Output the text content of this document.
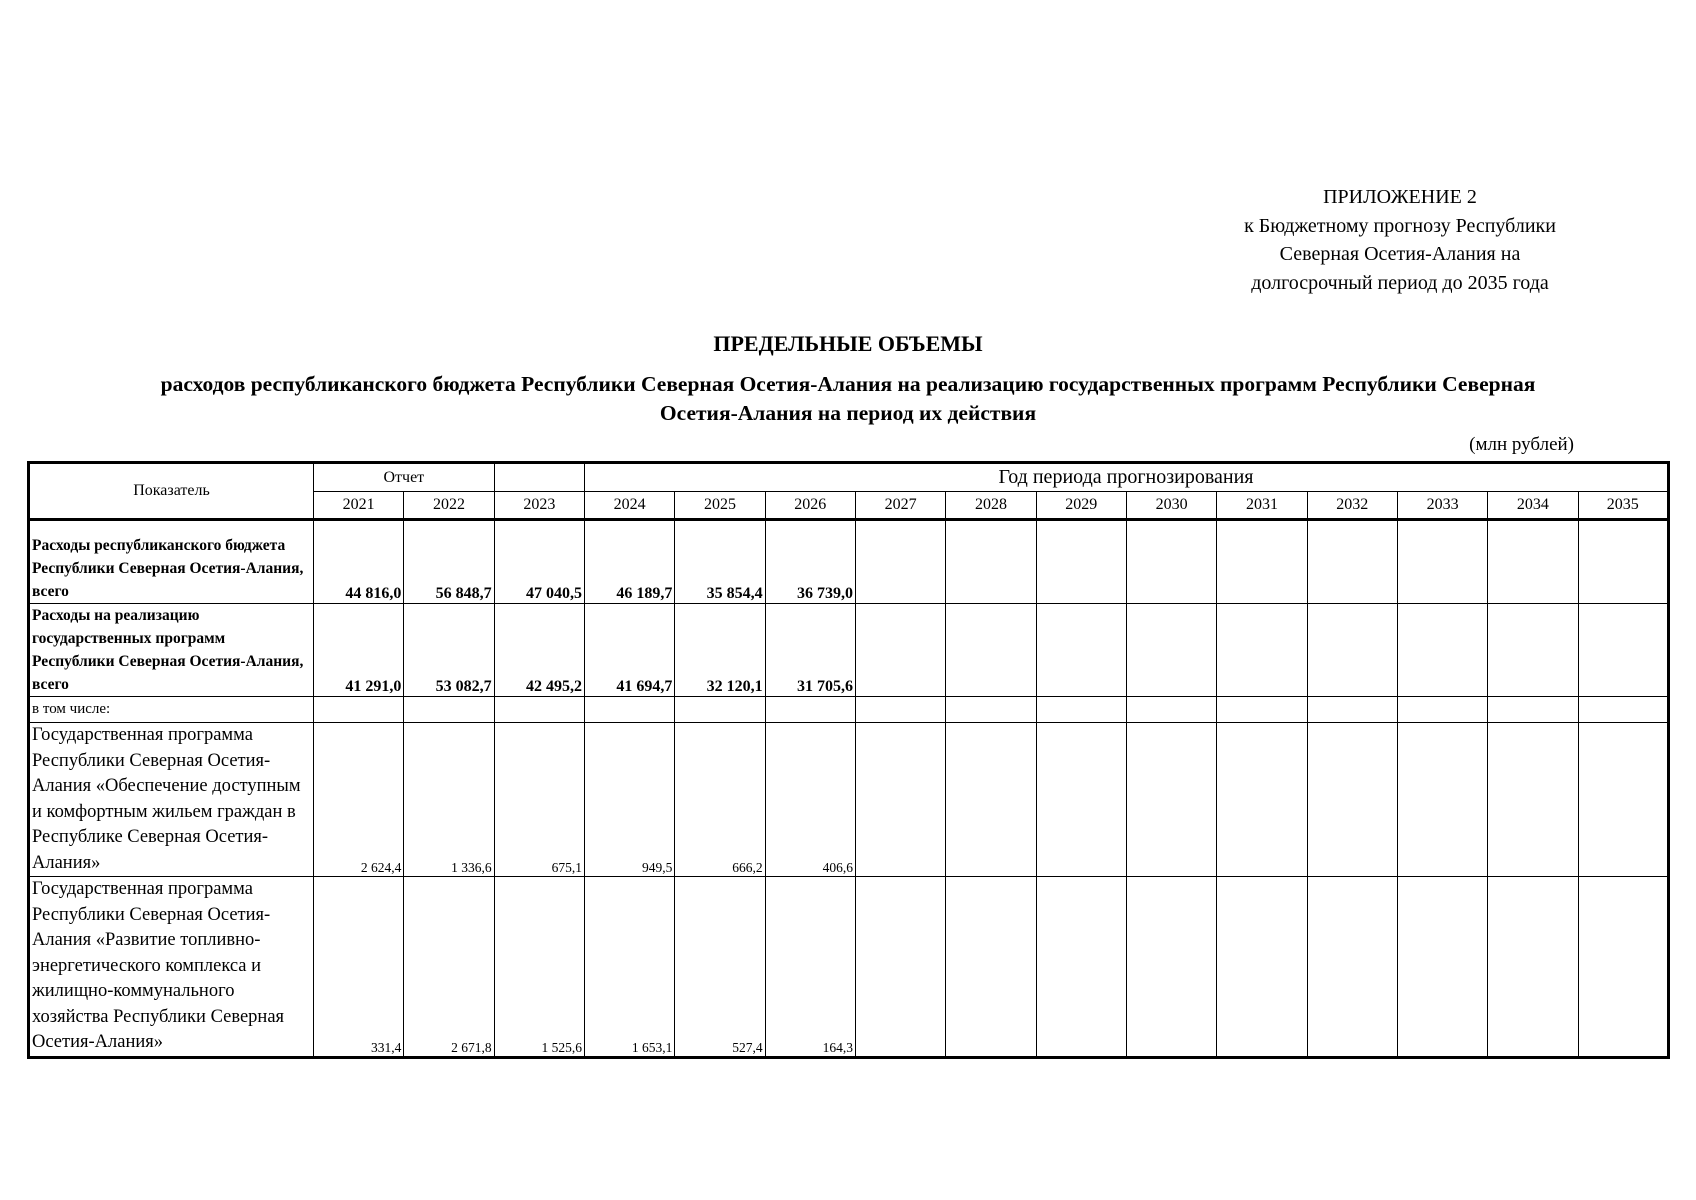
ПРИЛОЖЕНИЕ 2
к Бюджетному прогнозу Республики
Северная Осетия-Алания на
долгосрочный период до 2035 года
ПРЕДЕЛЬНЫЕ ОБЪЕМЫ
расходов республиканского бюджета Республики Северная Осетия-Алания на реализацию государственных программ Республики Северная
Осетия-Алания на период их действия
(млн рублей)
Показатель	Отчет			Год периода прогнозирования											
	2021	2022	2023	2024	2025	2026	2027	2028	2029	2030	2031	2032	2033	2034	2035
Расходы республиканского бюджета Республики Северная Осетия-Алания, всего	44 816,0	56 848,7	47 040,5	46 189,7	35 854,4	36 739,0									
Расходы на реализацию государственных программ Республики Северная Осетия-Алания, всего	41 291,0	53 082,7	42 495,2	41 694,7	32 120,1	31 705,6									
в том числе:															
Государственная программа Республики Северная Осетия-Алания «Обеспечение доступным и комфортным жильем граждан в Республике Северная Осетия-Алания»	2 624,4	1 336,6	675,1	949,5	666,2	406,6									
Государственная программа Республики Северная Осетия-Алания «Развитие топливно-энергетического комплекса и жилищно-коммунального хозяйства Республики Северная Осетия-Алания»	331,4	2 671,8	1 525,6	1 653,1	527,4	164,3									
